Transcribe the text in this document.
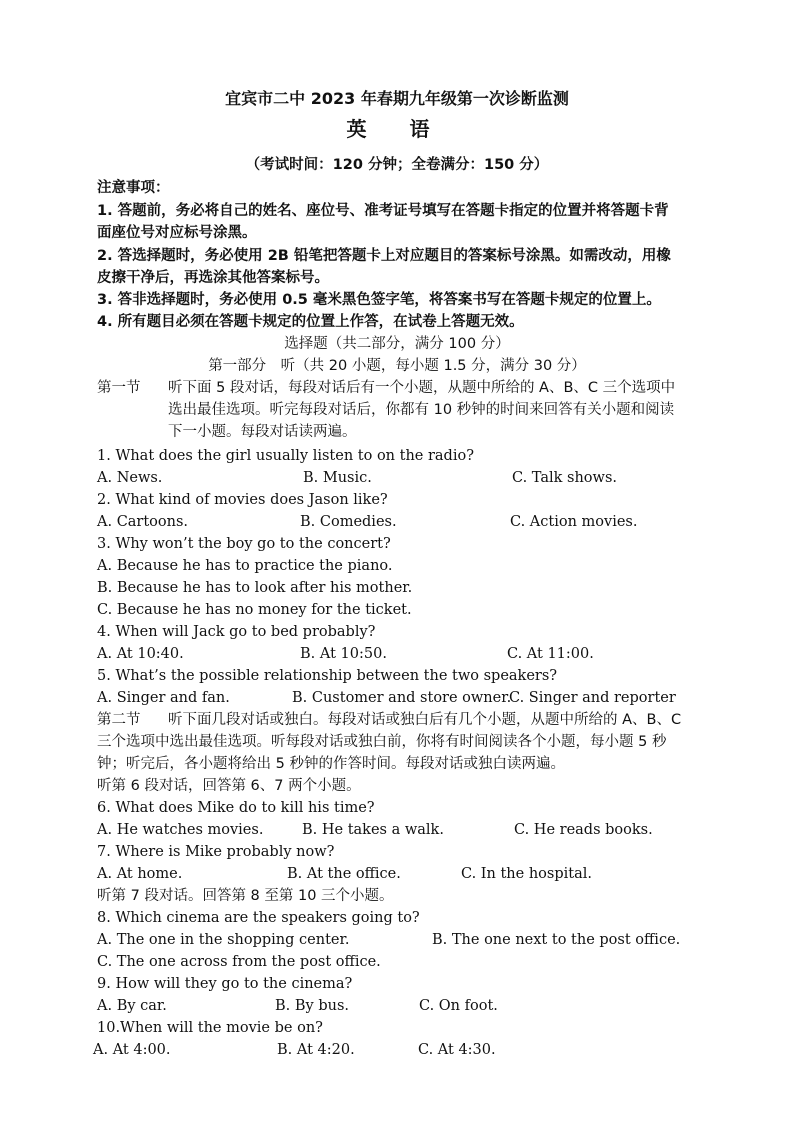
宜宾市二中 2023 年春期九年级第一次诊断监测
英 语
（考试时间：120 分钟；全卷满分：150 分）
注意事项：
1. 答题前，务必将自己的姓名、座位号、准考证号填写在答题卡指定的位置并将答题卡背
面座位号对应标号涂黑。
2. 答选择题时，务必使用 2B 铅笔把答题卡上对应题目的答案标号涂黑。如需改动，用橡
皮擦干净后，再选涂其他答案标号。
3. 答非选择题时，务必使用 0.5 毫米黑色签字笔，将答案书写在答题卡规定的位置上。
4. 所有题目必须在答题卡规定的位置上作答，在试卷上答题无效。
选择题（共二部分，满分 100 分）
第一部分　听（共 20 小题，每小题 1.5 分，满分 30 分）
第一节	听下面 5 段对话，每段对话后有一个小题，从题中所给的 A、B、C 三个选项中
选出最佳选项。听完每段对话后，你都有 10 秒钟的时间来回答有关小题和阅读
下一小题。每段对话读两遍。
1. What does the girl usually listen to on the radio?
A. News.	B. Music.	C. Talk shows.
2. What kind of movies does Jason like?
A. Cartoons.	B. Comedies.	C. Action movies.
3. Why won’t the boy go to the concert?
A. Because he has to practice the piano.
B. Because he has to look after his mother.
C. Because he has no money for the ticket.
4. When will Jack go to bed probably?
A. At 10:40.	B. At 10:50.	C. At 11:00.
5. What’s the possible relationship between the two speakers?
A. Singer and fan.	B. Customer and store owner.
C. Singer and reporter
第二节	听下面几段对话或独白。每段对话或独白后有几个小题，从题中所给的 A、B、C
三个选项中选出最佳选项。听每段对话或独白前，你将有时间阅读各个小题，每小题 5 秒
钟；听完后，各小题将给出 5 秒钟的作答时间。每段对话或独白读两遍。
听第 6 段对话，回答第 6、7 两个小题。
6. What does Mike do to kill his time?
A. He watches movies.	B. He takes a walk.	C. He reads books.
7. Where is Mike probably now?
A. At home.	B. At the office.	C. In the hospital.
听第 7 段对话。回答第 8 至第 10 三个小题。
8. Which cinema are the speakers going to?
A. The one in the shopping center.	B. The one next to the post office.
C. The one across from the post office.
9. How will they go to the cinema?
A. By car.	B. By bus.	C. On foot.
10.When will the movie be on?
A. At 4:00.	B. At 4:20.	C. At 4:30.
